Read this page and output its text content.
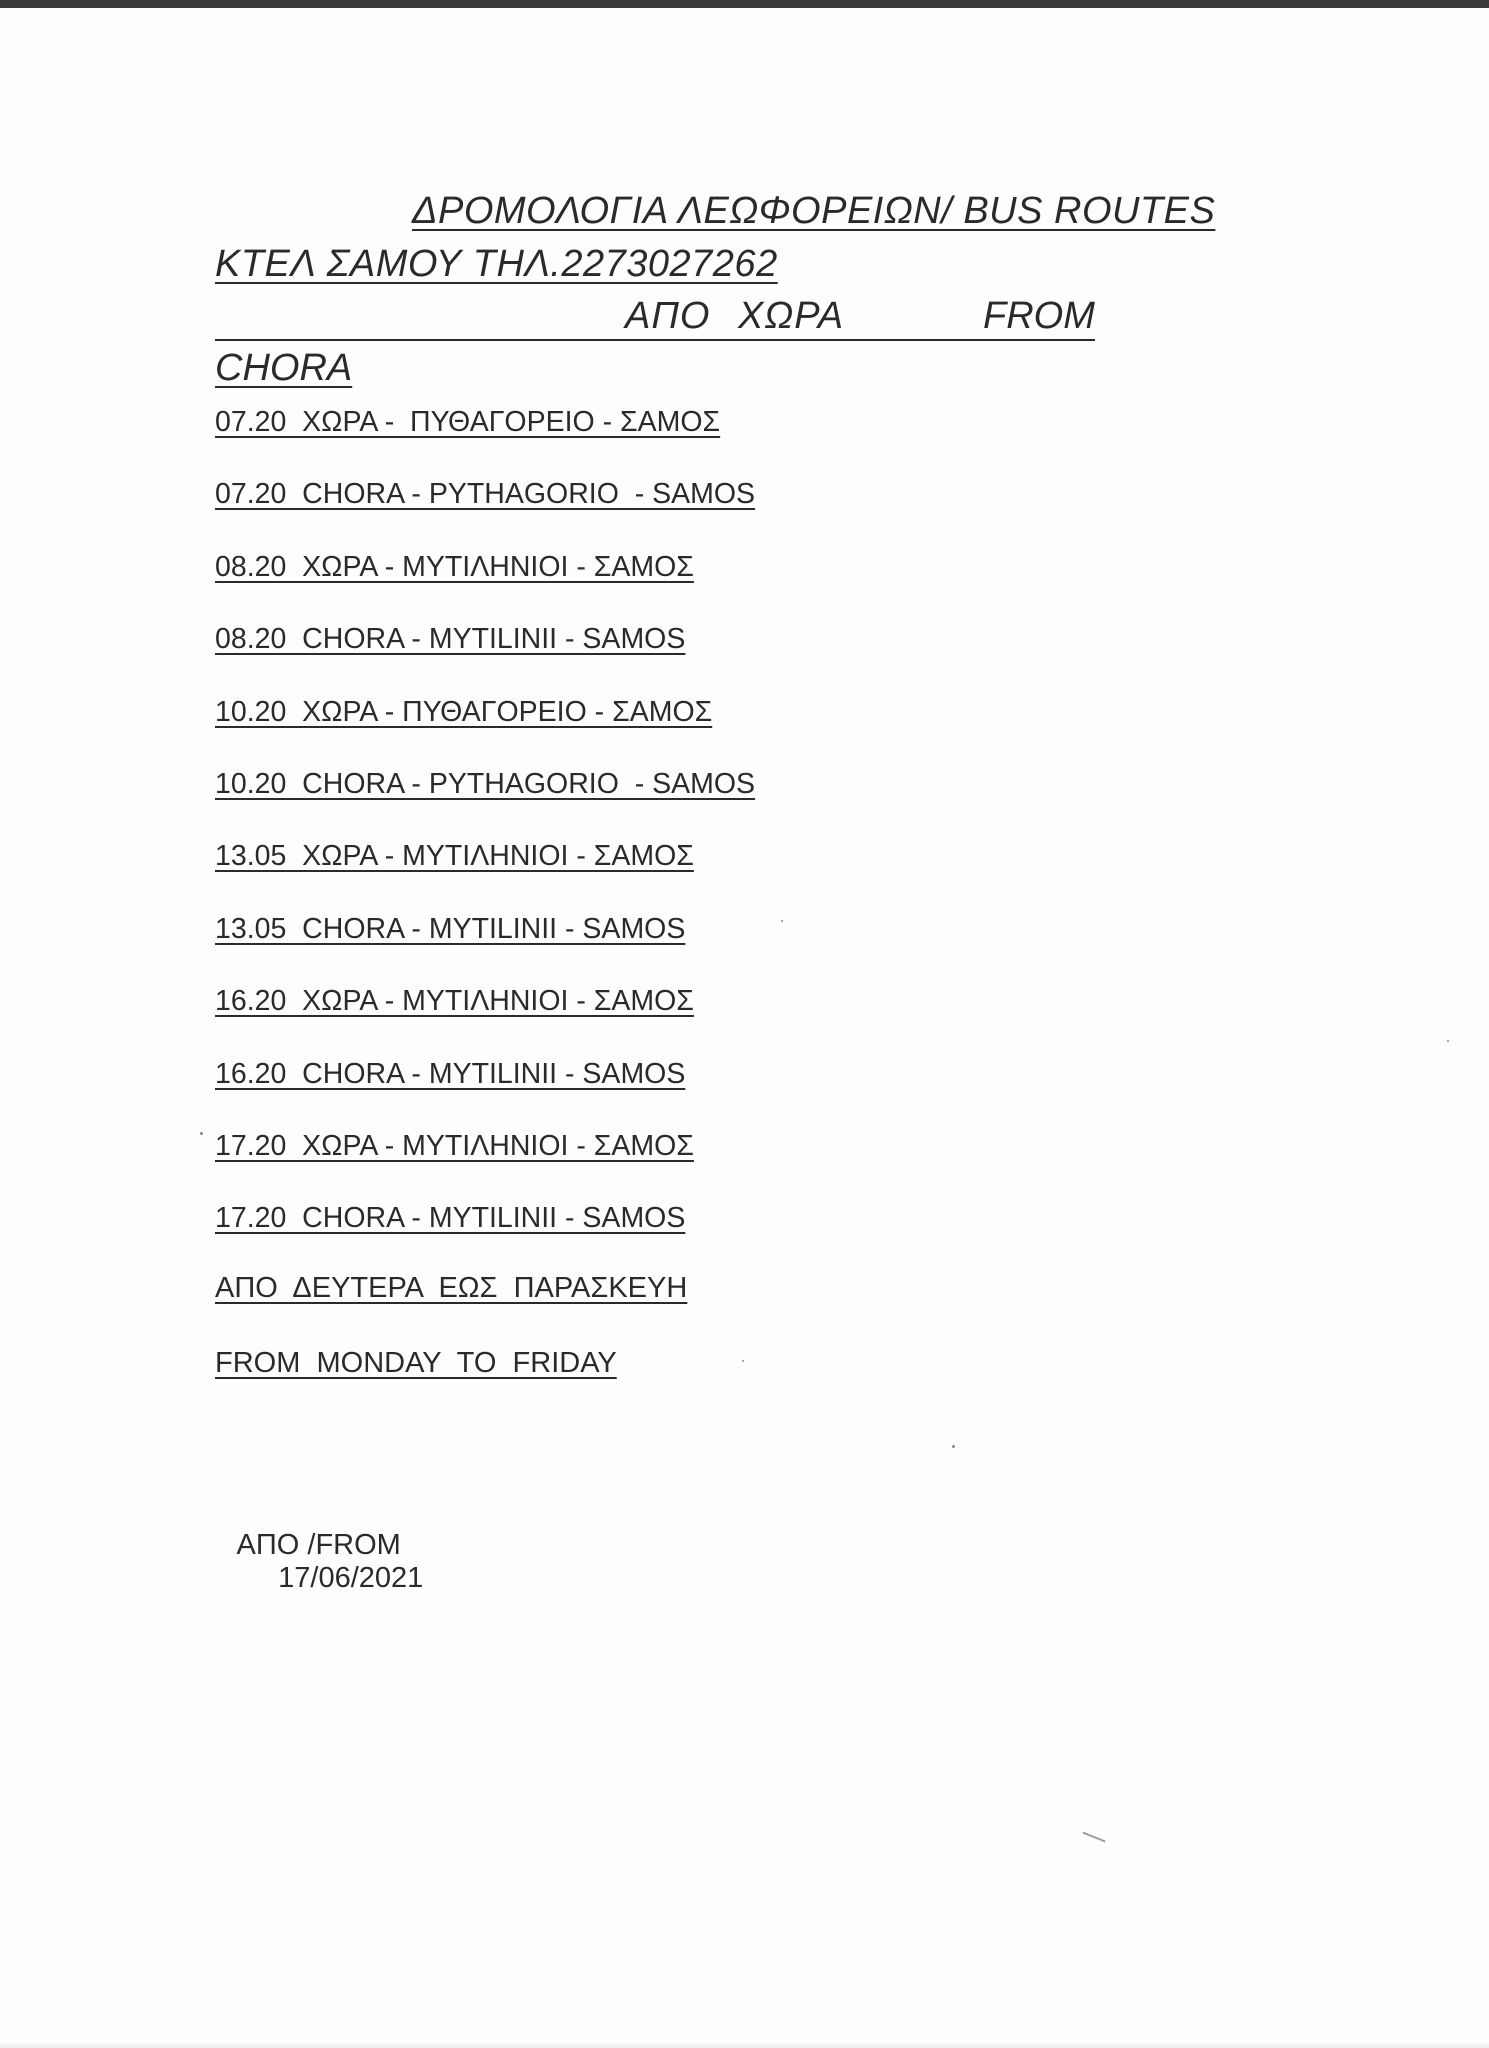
ΔΡΟΜΟΛΟΓΙΑ ΛΕΩΦΟΡΕΙΩΝ/ BUS ROUTES
ΚΤΕΛ ΣΑΜΟΥ ΤΗΛ.2273027262
ΑΠΟ ΧΩΡΑ	FROM
CHORA
07.20  ΧΩΡΑ -  ΠΥΘΑΓΟΡΕΙΟ - ΣΑΜΟΣ
07.20  CHORA - PYTHAGORIO  - SAMOS
08.20  ΧΩΡΑ - ΜΥΤΙΛΗΝΙΟΙ - ΣΑΜΟΣ
08.20  CHORA - MYTILINII - SAMOS
10.20  ΧΩΡΑ - ΠΥΘΑΓΟΡΕΙΟ - ΣΑΜΟΣ
10.20  CHORA - PYTHAGORIO  - SAMOS
13.05  ΧΩΡΑ - ΜΥΤΙΛΗΝΙΟΙ - ΣΑΜΟΣ
13.05  CHORA - MYTILINII - SAMOS
16.20  ΧΩΡΑ - ΜΥΤΙΛΗΝΙΟΙ - ΣΑΜΟΣ
16.20  CHORA - MYTILINII - SAMOS
17.20  ΧΩΡΑ - ΜΥΤΙΛΗΝΙΟΙ - ΣΑΜΟΣ
17.20  CHORA - MYTILINII - SAMOS
ΑΠΟ  ΔΕΥΤΕΡΑ  ΕΩΣ  ΠΑΡΑΣΚΕΥΗ
FROM  MONDAY  TO  FRIDAY

ΑΠΟ /FROM
17/06/2021
